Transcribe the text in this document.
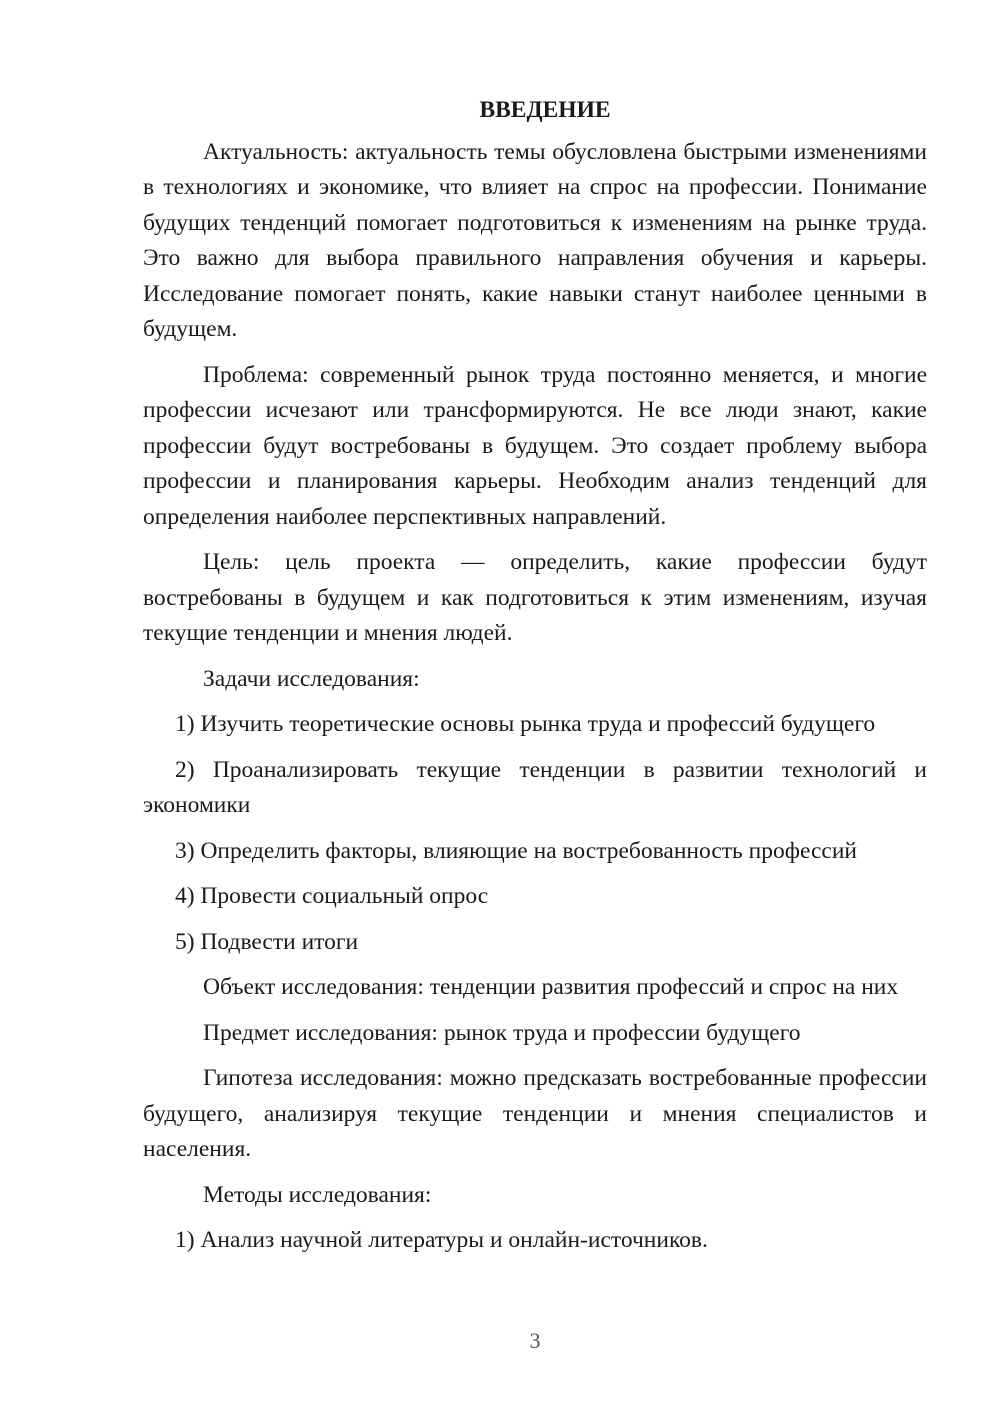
ВВЕДЕНИЕ

Актуальность: актуальность темы обусловлена быстрыми изменениями в технологиях и экономике, что влияет на спрос на профессии. Понимание будущих тенденций помогает подготовиться к изменениям на рынке труда. Это важно для выбора правильного направления обучения и карьеры. Исследование помогает понять, какие навыки станут наиболее ценными в будущем.

Проблема: современный рынок труда постоянно меняется, и многие профессии исчезают или трансформируются. Не все люди знают, какие профессии будут востребованы в будущем. Это создает проблему выбора профессии и планирования карьеры. Необходим анализ тенденций для определения наиболее перспективных направлений.

Цель: цель проекта — определить, какие профессии будут востребованы в будущем и как подготовиться к этим изменениям, изучая текущие тенденции и мнения людей.

Задачи исследования:

1) Изучить теоретические основы рынка труда и профессий будущего

2) Проанализировать текущие тенденции в развитии технологий и экономики

3) Определить факторы, влияющие на востребованность профессий

4) Провести социальный опрос

5) Подвести итоги

Объект исследования: тенденции развития профессий и спрос на них

Предмет исследования: рынок труда и профессии будущего

Гипотеза исследования: можно предсказать востребованные профессии будущего, анализируя текущие тенденции и мнения специалистов и населения.

Методы исследования:

1) Анализ научной литературы и онлайн-источников.

3
